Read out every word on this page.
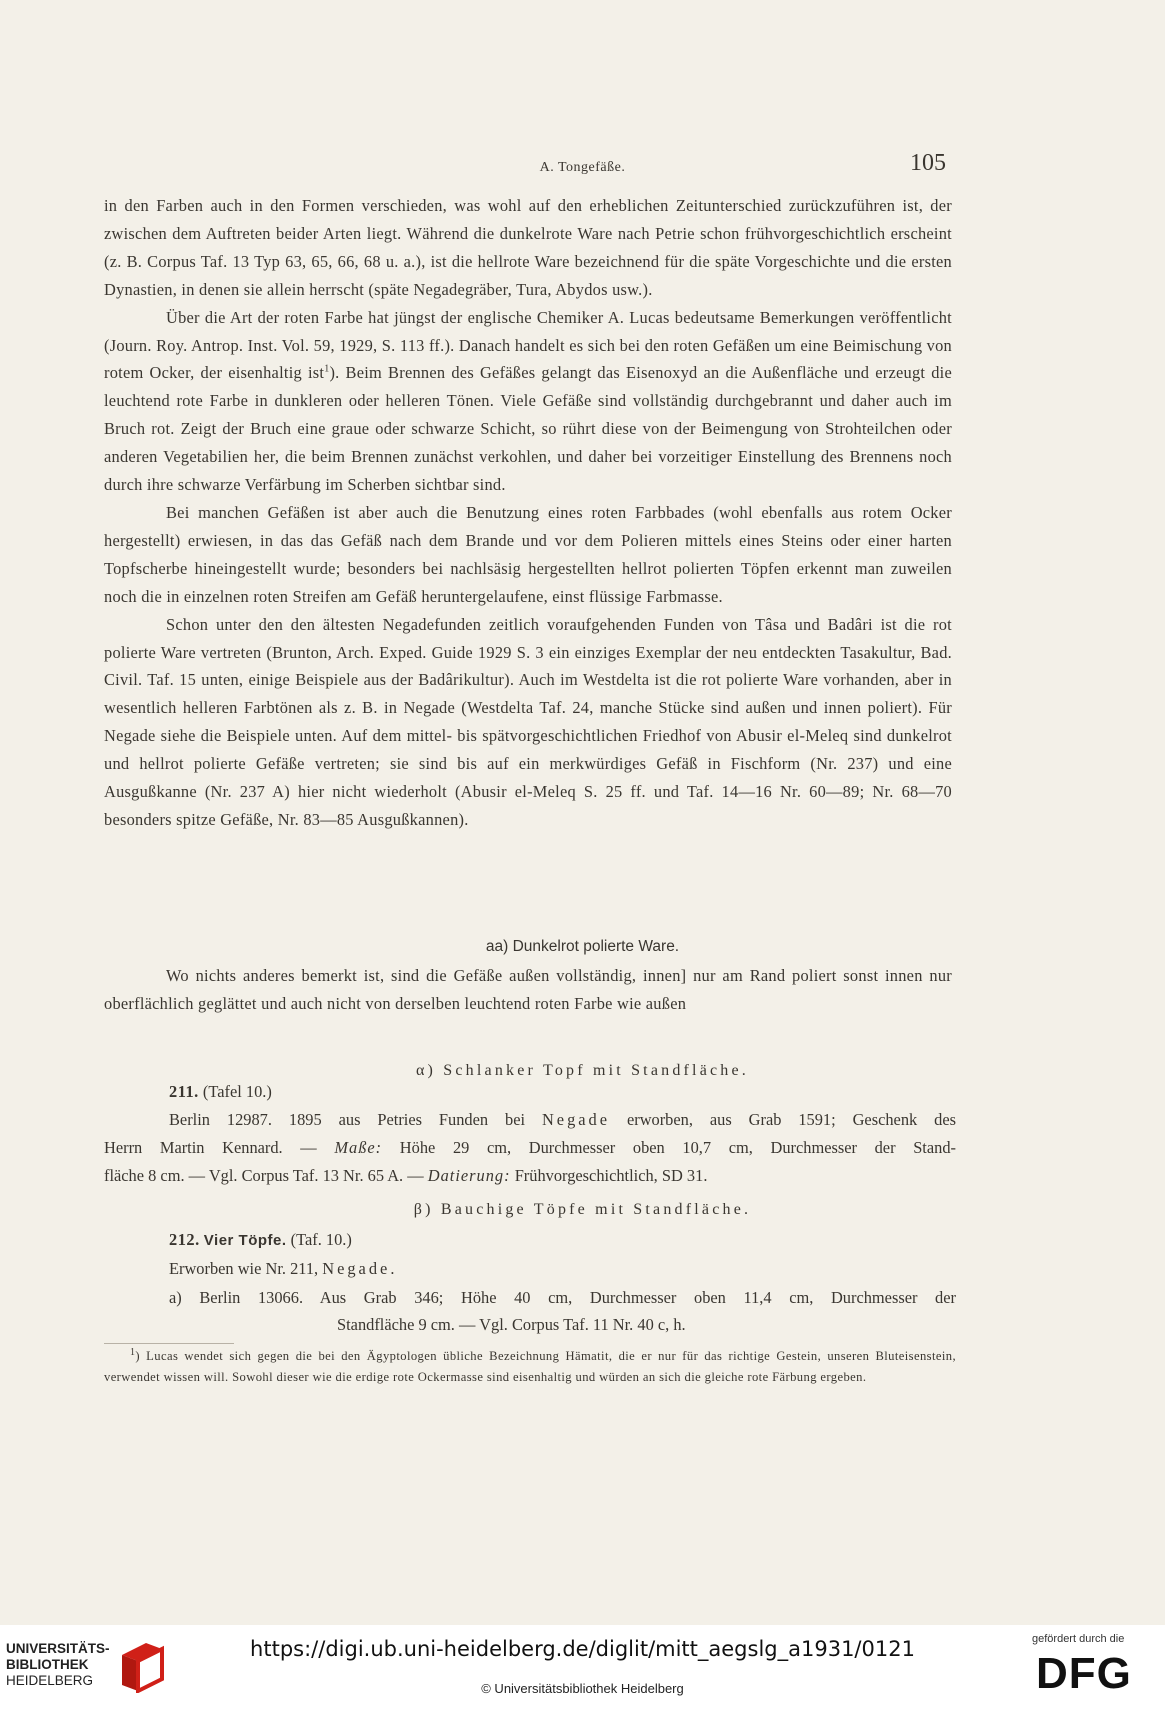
A. Tongefäße.	105

in den Farben auch in den Formen verschieden, was wohl auf den erheblichen Zeitunterschied zurückzuführen ist, der zwischen dem Auftreten beider Arten liegt. Während die dunkelrote Ware nach Petrie schon frühvorgeschichtlich erscheint (z. B. Corpus Taf. 13 Typ 63, 65, 66, 68 u. a.), ist die hellrote Ware bezeichnend für die späte Vorgeschichte und die ersten Dynastien, in denen sie allein herrscht (späte Negadegräber, Tura, Abydos usw.).

Über die Art der roten Farbe hat jüngst der englische Chemiker A. Lucas bedeutsame Bemerkungen veröffentlicht (Journ. Roy. Antrop. Inst. Vol. 59, 1929, S. 113 ff.). Danach handelt es sich bei den roten Gefäßen um eine Beimischung von rotem Ocker, der eisenhaltig ist$^1$). Beim Brennen des Gefäßes gelangt das Eisenoxyd an die Außenfläche und erzeugt die leuchtend rote Farbe in dunkleren oder helleren Tönen. Viele Gefäße sind vollständig durchgebrannt und daher auch im Bruch rot. Zeigt der Bruch eine graue oder schwarze Schicht, so rührt diese von der Beimengung von Strohteilchen oder anderen Vegetabilien her, die beim Brennen zunächst verkohlen, und daher bei vorzeitiger Einstellung des Brennens noch durch ihre schwarze Verfärbung im Scherben sichtbar sind.

Bei manchen Gefäßen ist aber auch die Benutzung eines roten Farbbades (wohl ebenfalls aus rotem Ocker hergestellt) erwiesen, in das das Gefäß nach dem Brande und vor dem Polieren mittels eines Steins oder einer harten Topfscherbe hineingestellt wurde; besonders bei nachlsäsig hergestellten hellrot polierten Töpfen erkennt man zuweilen noch die in einzelnen roten Streifen am Gefäß heruntergelaufene, einst flüssige Farbmasse.

Schon unter den den ältesten Negadefunden zeitlich voraufgehenden Funden von Tâsa und Badâri ist die rot polierte Ware vertreten (Brunton, Arch. Exped. Guide 1929 S. 3 ein einziges Exemplar der neu entdeckten Tasakultur, Bad. Civil. Taf. 15 unten, einige Beispiele aus der Badârikultur). Auch im Westdelta ist die rot polierte Ware vorhanden, aber in wesentlich helleren Farbtönen als z. B. in Negade (Westdelta Taf. 24, manche Stücke sind außen und innen poliert). Für Negade siehe die Beispiele unten. Auf dem mittel- bis spätvorgeschichtlichen Friedhof von Abusir el-Meleq sind dunkelrot und hellrot polierte Gefäße vertreten; sie sind bis auf ein merkwürdiges Gefäß in Fischform (Nr. 237) und eine Ausgußkanne (Nr. 237 A) hier nicht wiederholt (Abusir el-Meleq S. 25 ff. und Taf. 14—16 Nr. 60—89; Nr. 68—70 besonders spitze Gefäße, Nr. 83—85 Ausgußkannen).

aa) Dunkelrot polierte Ware.

Wo nichts anderes bemerkt ist, sind die Gefäße außen vollständig, innen] nur am Rand poliert sonst innen nur oberflächlich geglättet und auch nicht von derselben leuchtend roten Farbe wie außen

α) Schlanker Topf mit Standfläche.
211. (Tafel 10.)
Berlin 12987. 1895 aus Petries Funden bei Negade erworben, aus Grab 1591; Geschenk des
Herrn Martin Kennard. — Maße: Höhe 29 cm, Durchmesser oben 10,7 cm, Durchmesser der Stand-
fläche 8 cm. — Vgl. Corpus Taf. 13 Nr. 65 A. — Datierung: Frühvorgeschichtlich, SD 31.
β) Bauchige Töpfe mit Standfläche.
212. Vier Töpfe. (Taf. 10.)
Erworben wie Nr. 211, Negade.
a) Berlin 13066. Aus Grab 346; Höhe 40 cm, Durchmesser oben 11,4 cm, Durchmesser der
Standfläche 9 cm. — Vgl. Corpus Taf. 11 Nr. 40 c, h.

$^1$) Lucas wendet sich gegen die bei den Ägyptologen übliche Bezeichnung Hämatit, die er nur für das richtige Gestein, unseren Bluteisenstein, verwendet wissen will. Sowohl dieser wie die erdige rote Ockermasse sind eisenhaltig und würden an sich die gleiche rote Färbung ergeben.

UNIVERSITÄTS-
BIBLIOTHEK
HEIDELBERG
https://digi.ub.uni-heidelberg.de/diglit/mitt_aegslg_a1931/0121
© Universitätsbibliothek Heidelberg
gefördert durch die
DFG
